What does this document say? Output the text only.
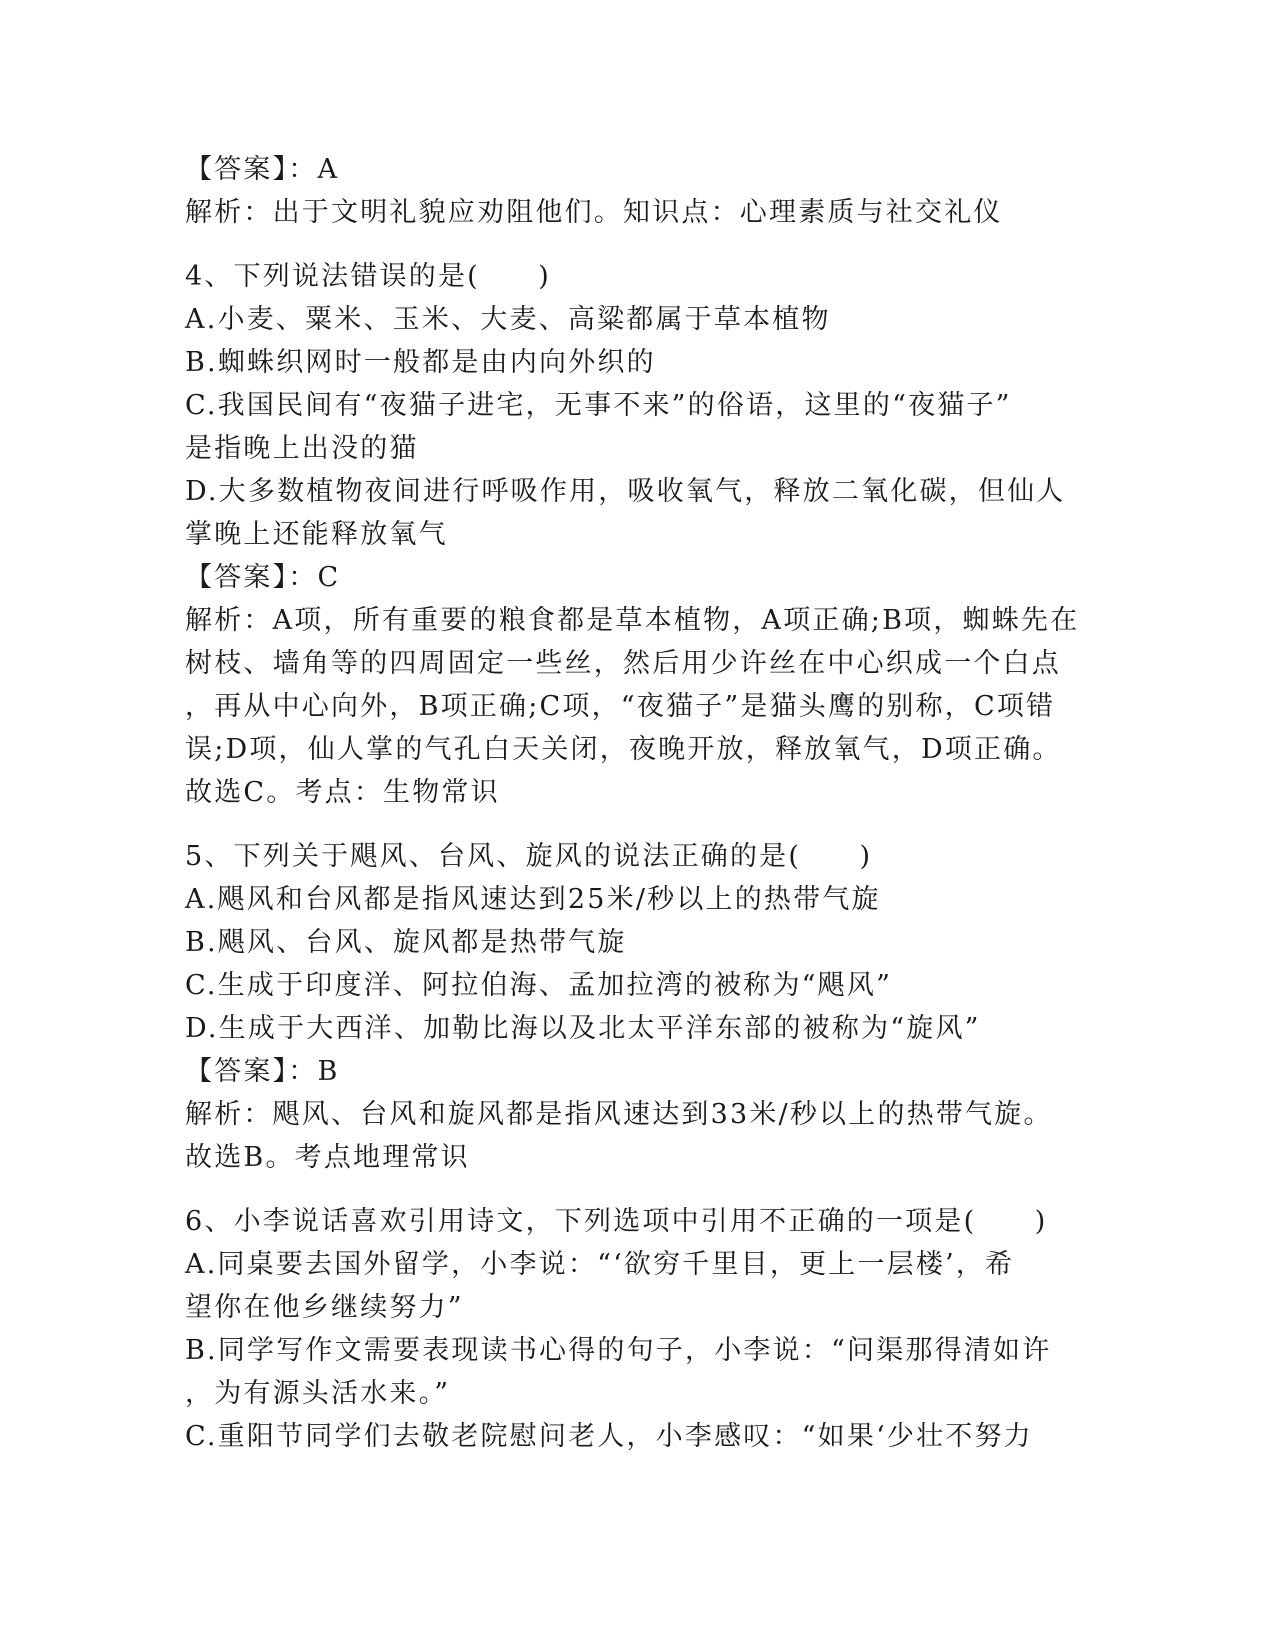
【答案】：A
解析：出于文明礼貌应劝阻他们。知识点：心理素质与社交礼仪
4、下列说法错误的是(　　)
A.小麦、粟米、玉米、大麦、高粱都属于草本植物
B.蜘蛛织网时一般都是由内向外织的
C.我国民间有“夜猫子进宅，无事不来”的俗语，这里的“夜猫子”
是指晚上出没的猫
D.大多数植物夜间进行呼吸作用，吸收氧气，释放二氧化碳，但仙人
掌晚上还能释放氧气
【答案】：C
解析：A项，所有重要的粮食都是草本植物，A项正确;B项，蜘蛛先在
树枝、墙角等的四周固定一些丝，然后用少许丝在中心织成一个白点
，再从中心向外，B项正确;C项，“夜猫子”是猫头鹰的别称，C项错
误;D项，仙人掌的气孔白天关闭，夜晚开放，释放氧气，D项正确。
故选C。考点：生物常识
5、下列关于飓风、台风、旋风的说法正确的是(　　)
A.飓风和台风都是指风速达到25米/秒以上的热带气旋
B.飓风、台风、旋风都是热带气旋
C.生成于印度洋、阿拉伯海、孟加拉湾的被称为“飓风”
D.生成于大西洋、加勒比海以及北太平洋东部的被称为“旋风”
【答案】：B
解析：飓风、台风和旋风都是指风速达到33米/秒以上的热带气旋。
故选B。考点地理常识
6、小李说话喜欢引用诗文，下列选项中引用不正确的一项是(　　)
A.同桌要去国外留学，小李说：“‘欲穷千里目，更上一层楼’，希
望你在他乡继续努力”
B.同学写作文需要表现读书心得的句子，小李说：“问渠那得清如许
，为有源头活水来。”
C.重阳节同学们去敬老院慰问老人，小李感叹：“如果‘少壮不努力
